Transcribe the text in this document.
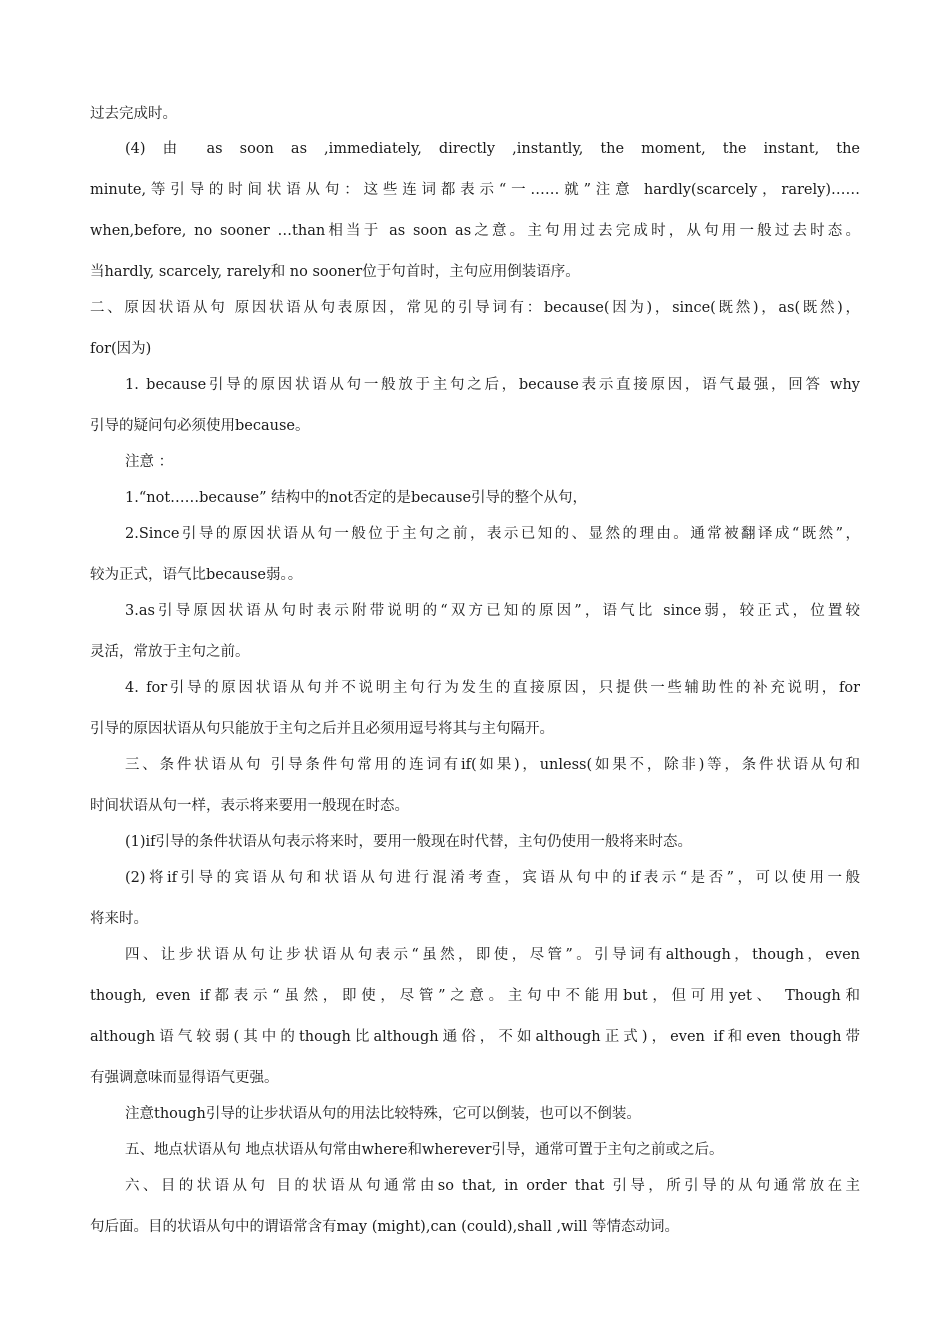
过去完成时。
(4) 由 as soon as ,immediately, directly ,instantly, the moment, the instant, the
minute,等引导的时间状语从句：这些连词都表示“一……就”注意 hardly(scarcely，rarely)……
when,before, no sooner …than相当于 as soon as之意。主句用过去完成时，从句用一般过去时态。
当hardly, scarcely, rarely和 no sooner位于句首时，主句应用倒装语序。
二、原因状语从句 原因状语从句表原因，常见的引导词有：because(因为)，since(既然)，as(既然)，
for(因为)
1. because引导的原因状语从句一般放于主句之后，because表示直接原因，语气最强，回答 why
引导的疑问句必须使用because。
注意 ：
1.“not……because” 结构中的not否定的是because引导的整个从句，
2.Since引导的原因状语从句一般位于主句之前，表示已知的、显然的理由。通常被翻译成“既然”，
较为正式，语气比because弱。。
3.as引导原因状语从句时表示附带说明的“双方已知的原因”，语气比 since弱，较正式，位置较
灵活，常放于主句之前。
4. for引导的原因状语从句并不说明主句行为发生的直接原因，只提供一些辅助性的补充说明，for
引导的原因状语从句只能放于主句之后并且必须用逗号将其与主句隔开。
三、条件状语从句 引导条件句常用的连词有if(如果)，unless(如果不，除非)等，条件状语从句和
时间状语从句一样，表示将来要用一般现在时态。
(1)if引导的条件状语从句表示将来时，要用一般现在时代替，主句仍使用一般将来时态。
(2)将if引导的宾语从句和状语从句进行混淆考查，宾语从句中的if表示“是否”，可以使用一般
将来时。
四、让步状语从句让步状语从句表示“虽然，即使，尽管”。引导词有although，though，even
though, even if都表示“虽然，即使，尽管”之意。主句中不能用but，但可用yet、 Though和
although语气较弱(其中的though比although通俗，不如although正式)，even if和even though带
有强调意味而显得语气更强。
注意though引导的让步状语从句的用法比较特殊，它可以倒装，也可以不倒装。
五、地点状语从句 地点状语从句常由where和wherever引导，通常可置于主句之前或之后。
六、目的状语从句 目的状语从句通常由so that, in order that 引导，所引导的从句通常放在主
句后面。目的状语从句中的谓语常含有may (might),can (could),shall ,will 等情态动词。
